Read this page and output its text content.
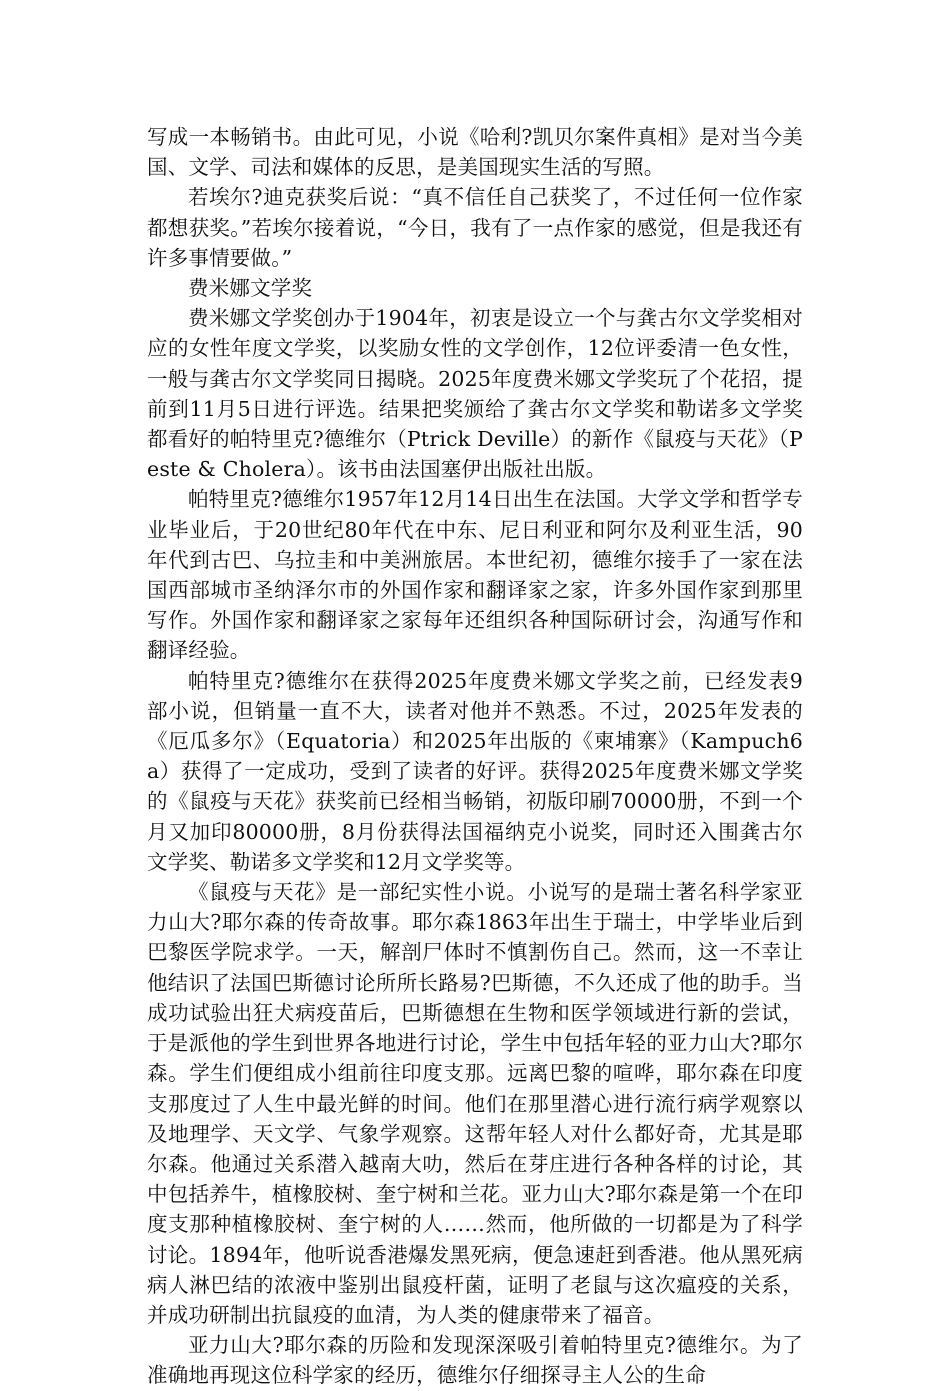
写成一本畅销书。由此可见，小说《哈利?凯贝尔案件真相》是对当今美国、文学、司法和媒体的反思，是美国现实生活的写照。

若埃尔?迪克获奖后说：“真不信任自己获奖了，不过任何一位作家都想获奖。”若埃尔接着说，“今日，我有了一点作家的感觉，但是我还有许多事情要做。”

费米娜文学奖

费米娜文学奖创办于1904年，初衷是设立一个与龚古尔文学奖相对应的女性年度文学奖，以奖励女性的文学创作，12位评委清一色女性，一般与龚古尔文学奖同日揭晓。2025年度费米娜文学奖玩了个花招，提前到11月5日进行评选。结果把奖颁给了龚古尔文学奖和勒诺多文学奖都看好的帕特里克?德维尔（Ptrick Deville）的新作《鼠疫与天花》（Peste & Cholera）。该书由法国塞伊出版社出版。

帕特里克?德维尔1957年12月14日出生在法国。大学文学和哲学专业毕业后，于20世纪80年代在中东、尼日利亚和阿尔及利亚生活，90年代到古巴、乌拉圭和中美洲旅居。本世纪初，德维尔接手了一家在法国西部城市圣纳泽尔市的外国作家和翻译家之家，许多外国作家到那里写作。外国作家和翻译家之家每年还组织各种国际研讨会，沟通写作和翻译经验。

帕特里克?德维尔在获得2025年度费米娜文学奖之前，已经发表9部小说，但销量一直不大，读者对他并不熟悉。不过，2025年发表的《厄瓜多尔》（Equatoria）和2025年出版的《柬埔寨》（Kampuch6a）获得了一定成功，受到了读者的好评。获得2025年度费米娜文学奖的《鼠疫与天花》获奖前已经相当畅销，初版印刷70000册，不到一个月又加印80000册，8月份获得法国福纳克小说奖，同时还入围龚古尔文学奖、勒诺多文学奖和12月文学奖等。

《鼠疫与天花》是一部纪实性小说。小说写的是瑞士著名科学家亚力山大?耶尔森的传奇故事。耶尔森1863年出生于瑞士，中学毕业后到巴黎医学院求学。一天，解剖尸体时不慎割伤自己。然而，这一不幸让他结识了法国巴斯德讨论所所长路易?巴斯德，不久还成了他的助手。当成功试验出狂犬病疫苗后，巴斯德想在生物和医学领域进行新的尝试，于是派他的学生到世界各地进行讨论，学生中包括年轻的亚力山大?耶尔森。学生们便组成小组前往印度支那。远离巴黎的喧哗，耶尔森在印度支那度过了人生中最光鲜的时间。他们在那里潜心进行流行病学观察以及地理学、天文学、气象学观察。这帮年轻人对什么都好奇，尤其是耶尔森。他通过关系潜入越南大叻，然后在芽庄进行各种各样的讨论，其中包括养牛，植橡胶树、奎宁树和兰花。亚力山大?耶尔森是第一个在印度支那种植橡胶树、奎宁树的人……然而，他所做的一切都是为了科学讨论。1894年，他听说香港爆发黑死病，便急速赶到香港。他从黑死病病人淋巴结的浓液中鉴别出鼠疫杆菌，证明了老鼠与这次瘟疫的关系，并成功研制出抗鼠疫的血清，为人类的健康带来了福音。

亚力山大?耶尔森的历险和发现深深吸引着帕特里克?德维尔。为了准确地再现这位科学家的经历，德维尔仔细探寻主人公的生命
